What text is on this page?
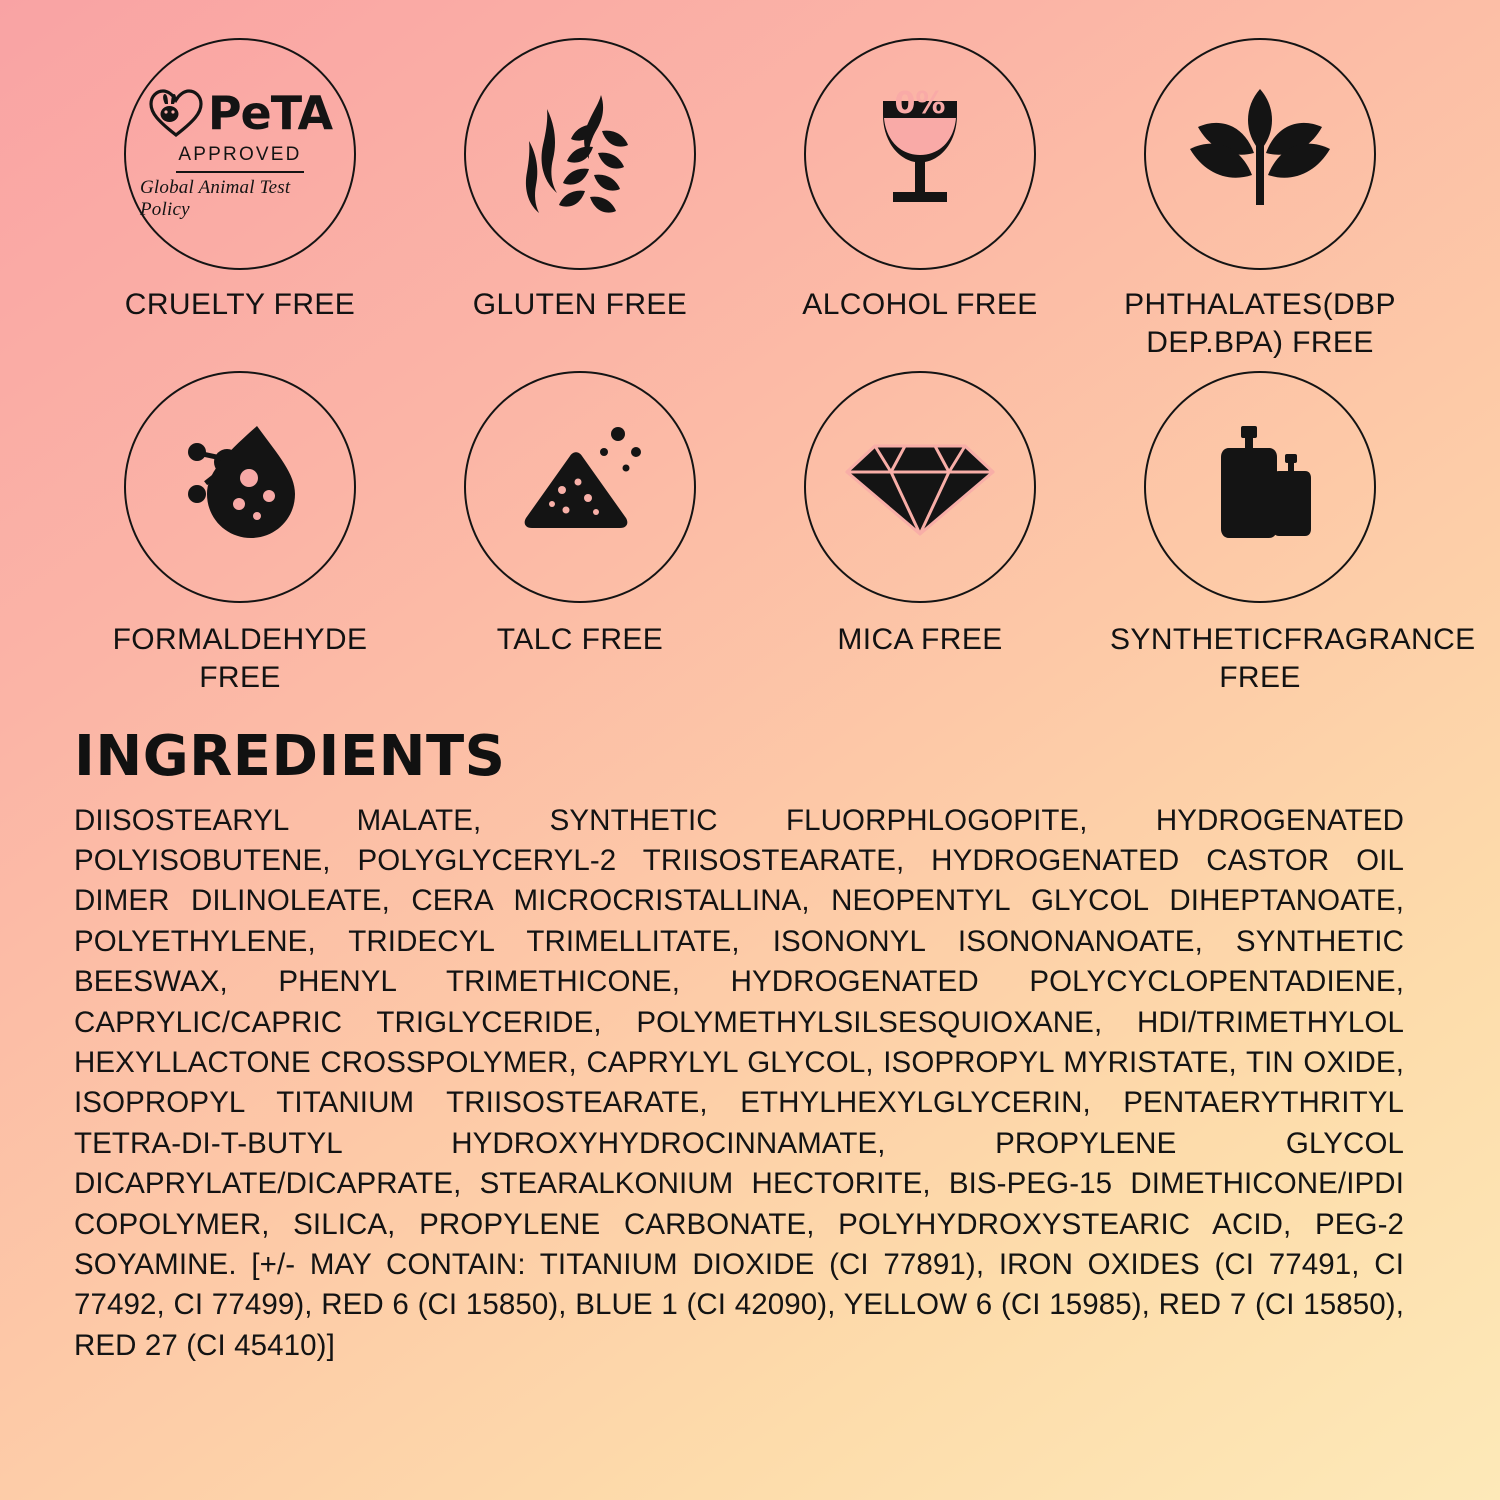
PeTA
APPROVED
Global Animal Test Policy
CRUELTY FREE	GLUTEN FREE
0%
ALCOHOL FREE	PHTHALATES(DBP DEP.BPA) FREE
FORMALDEHYDE FREE
TALC FREE	MICA FREE	SYNTHETICFRAGRANCE FREE
INGREDIENTS

DIISOSTEARYL MALATE, SYNTHETIC FLUORPHLOGOPITE, HYDROGENATED POLYISOBUTENE, POLYGLYCERYL-2 TRIISOSTEARATE, HYDROGENATED CASTOR OIL DIMER DILINOLEATE, CERA MICROCRISTALLINA, NEOPENTYL GLYCOL DIHEPTANOATE, POLYETHYLENE, TRIDECYL TRIMELLITATE, ISONONYL ISONONANOATE, SYNTHETIC BEESWAX, PHENYL TRIMETHICONE, HYDROGENATED POLYCYCLOPENTADIENE, CAPRYLIC/CAPRIC TRIGLYCERIDE, POLYMETHYLSILSESQUIOXANE, HDI/TRIMETHYLOL HEXYLLACTONE CROSSPOLYMER, CAPRYLYL GLYCOL, ISOPROPYL MYRISTATE, TIN OXIDE, ISOPROPYL TITANIUM TRIISOSTEARATE, ETHYLHEXYLGLYCERIN, PENTAERYTHRITYL TETRA-DI-T-BUTYL HYDROXYHYDROCINNAMATE, PROPYLENE GLYCOL DICAPRYLATE/DICAPRATE, STEARALKONIUM HECTORITE, BIS-PEG-15 DIMETHICONE/IPDI COPOLYMER, SILICA, PROPYLENE CARBONATE, POLYHYDROXYSTEARIC ACID, PEG-2 SOYAMINE. [+/- MAY CONTAIN: TITANIUM DIOXIDE (CI 77891), IRON OXIDES (CI 77491, CI 77492, CI 77499), RED 6 (CI 15850), BLUE 1 (CI 42090), YELLOW 6 (CI 15985), RED 7 (CI 15850), RED 27 (CI 45410)]
